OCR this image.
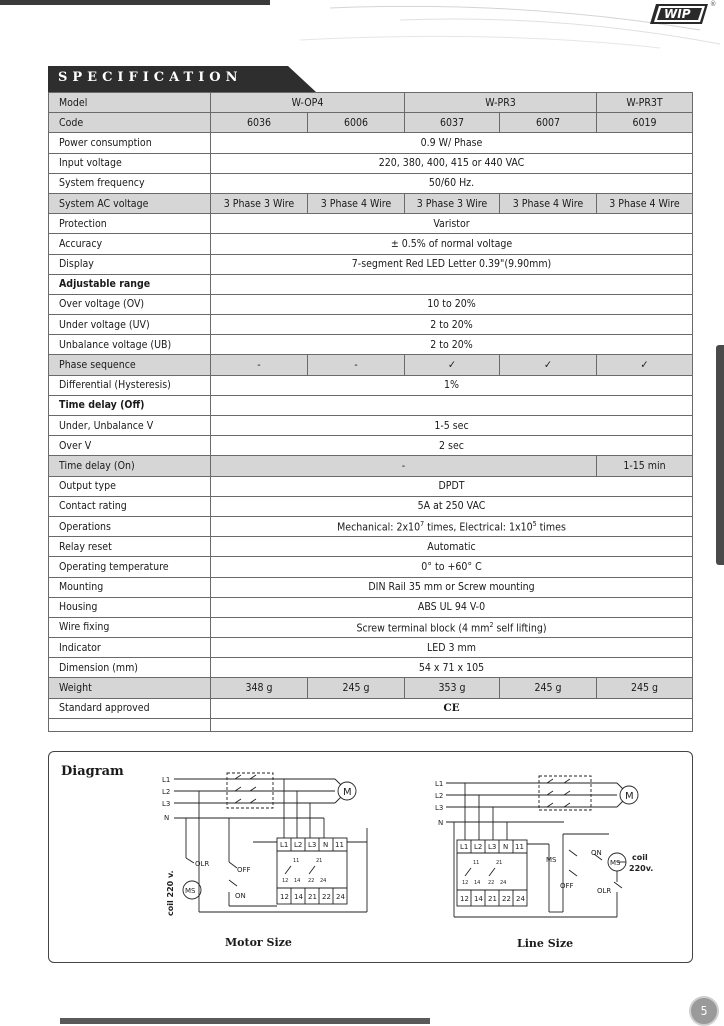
WIP
®
SPECIFICATION
Model	W-OP4		W-PR3		W-PR3T
Code	6036	6006	6037	6007	6019
Power consumption	0.9 W/ Phase				
Input voltage	220, 380, 400, 415 or 440 VAC				
System frequency	50/60 Hz.				
System AC voltage	3 Phase 3 Wire	3 Phase 4 Wire	3 Phase 3 Wire	3 Phase 4 Wire	3 Phase 4 Wire
Protection	Varistor				
Accuracy	± 0.5% of normal voltage				
Display	7-segment Red LED Letter 0.39"(9.90mm)				
Adjustable range					
Over voltage (OV)	10 to 20%				
Under voltage (UV)	2 to 20%				
Unbalance voltage (UB)	2 to 20%				
Phase sequence	-	-	✓	✓	✓
Differential (Hysteresis)	1%				
Time delay (Off)					
Under, Unbalance V	1-5 sec				
Over V	2 sec				
Time delay (On)	-				1-15 min
Output type	DPDT				
Contact rating	5A at 250 VAC				
Operations	Mechanical: $2x10^7$ times, Electrical: $1x10^5$ times				
Relay reset	Automatic				
Operating temperature	0° to +60° C				
Mounting	DIN Rail 35 mm or Screw mounting				
Housing	ABS UL 94 V-0				
Wire fixing	Screw terminal block (4 $mm^2$ self lifting)				
Indicator	LED 3 mm				
Dimension (mm)	54 x 71 x 105				
Weight	348 g	245 g	353 g	245 g	245 g
Standard approved	CE				

Diagram
L1
L2
L3
N
M
MS
OLR
OFF
ON
coil 220 v.
L1 L2 L3 N 11
12 14 21 22 24
11	21
12 14 22 24
L1
L2
L3
N
M
MS
MS
ON
OFF
OLR
coil
220v.
L1 L2 L3 N 11
12 14 21 22 24
11	21
12 14 22 24
Motor Size	Line Size
5
